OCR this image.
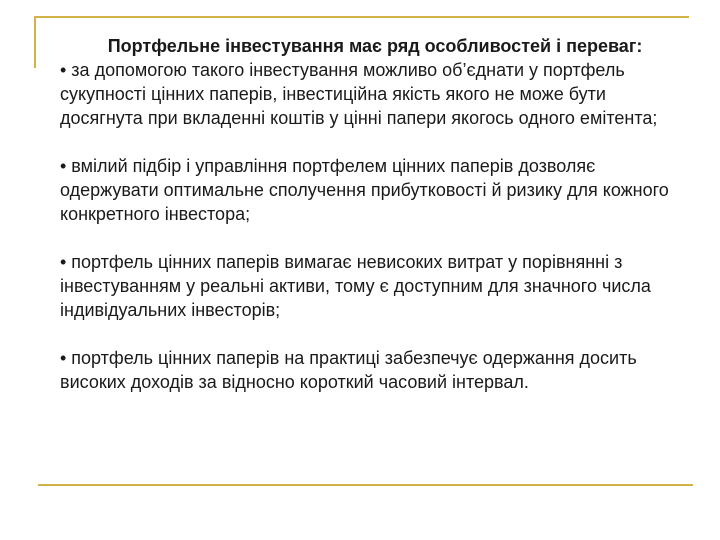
Портфельне інвестування має ряд особливостей і переваг:

• за допомогою такого інвестування можливо об’єднати у портфель сукупності цінних паперів, інвестиційна якість якого не може бути досягнута при вкладенні коштів у цінні папери якогось одного емітента;

• вмілий підбір і управління портфелем цінних паперів дозволяє одержувати оптимальне сполучення прибутковості й ризику для кожного конкретного інвестора;

• портфель цінних паперів вимагає невисоких витрат у порівнянні з інвестуванням у реальні активи, тому є доступним для значного числа індивідуальних інвесторів;

• портфель цінних паперів на практиці забезпечує одержання досить високих доходів за відносно короткий часовий інтервал.
